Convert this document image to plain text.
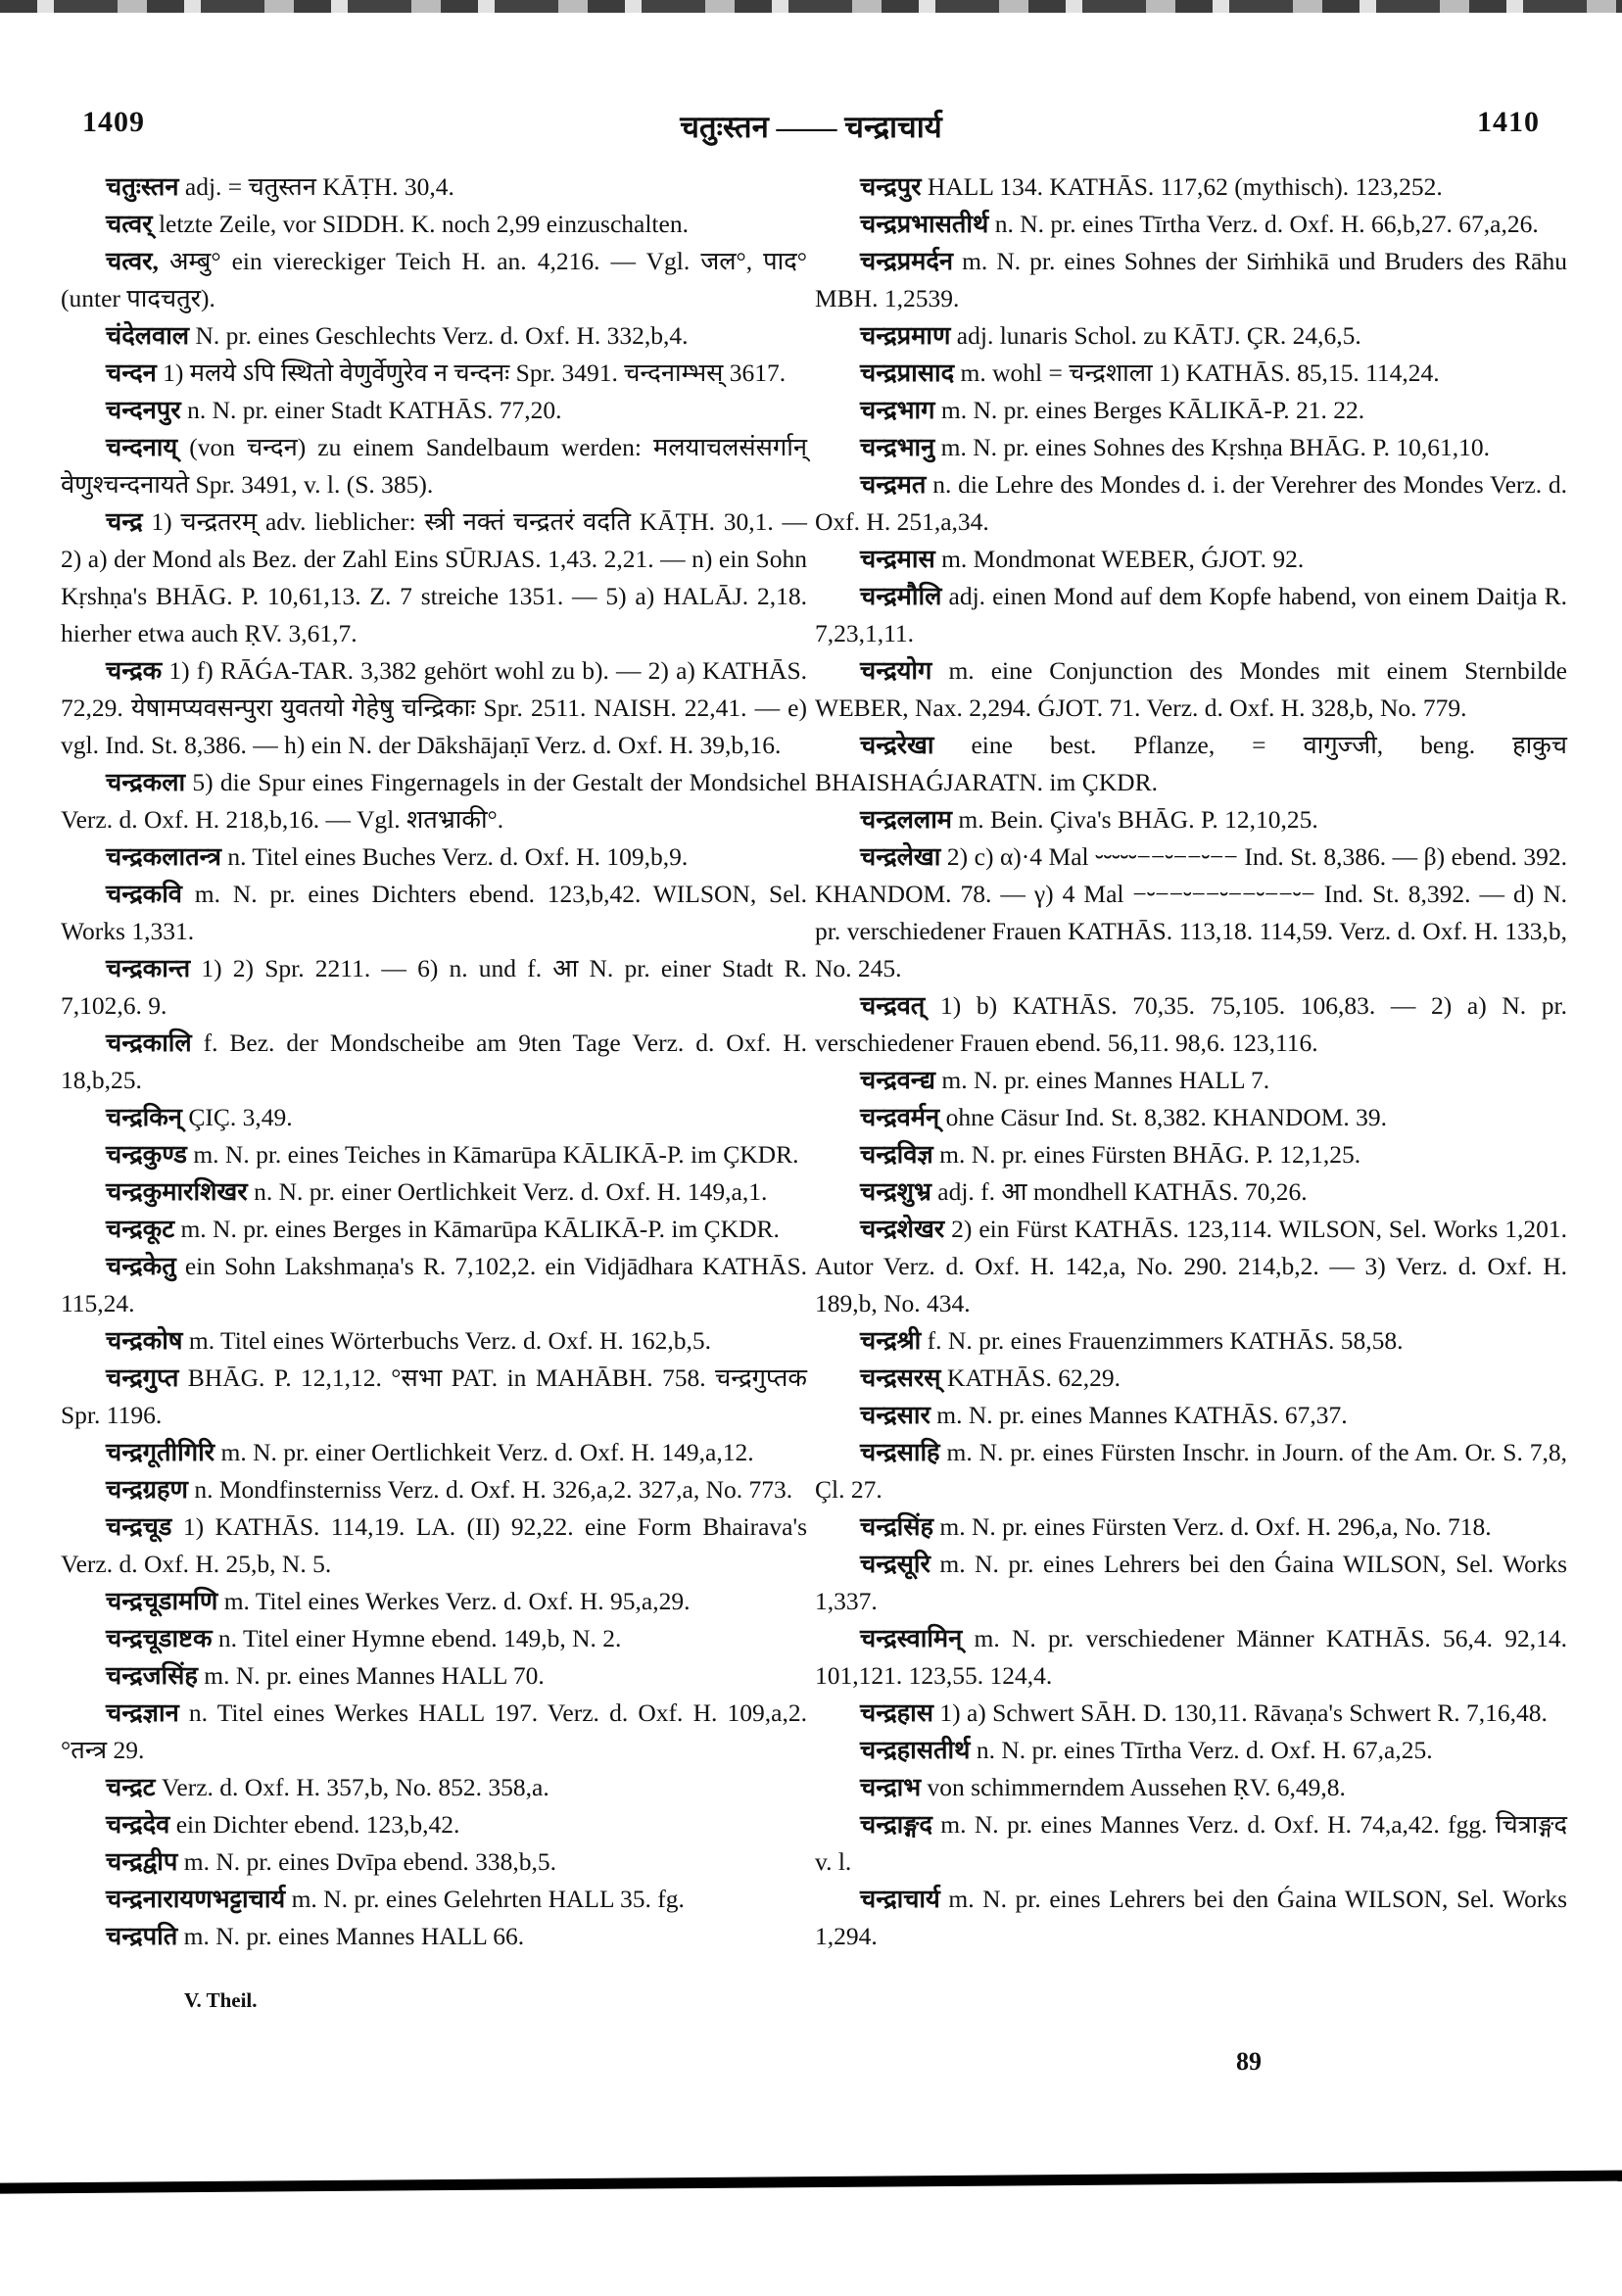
1409	चतुःस्तन —— चन्द्राचार्य	1410

चतुःस्तन adj. = चतुस्तन KĀṬH. 30,4.

चत्वर् letzte Zeile, vor SIDDH. K. noch 2,99 einzuschalten.

चत्वर, अम्बु° ein viereckiger Teich H. an. 4,216. — Vgl. जल°, पाद° (unter पादचतुर).

चंदेलवाल N. pr. eines Geschlechts Verz. d. Oxf. H. 332,b,4.

चन्दन 1) मलये ऽपि स्थितो वेणुर्वेणुरेव न चन्दनः Spr. 3491. चन्दनाम्भस् 3617.

चन्दनपुर n. N. pr. einer Stadt KATHĀS. 77,20.

चन्दनाय् (von चन्दन) zu einem Sandelbaum werden: मलयाचलसंसर्गान् वेणुश्चन्दनायते Spr. 3491, v. l. (S. 385).

चन्द्र 1) चन्द्रतरम् adv. lieblicher: स्त्री नक्तं चन्द्रतरं वदति KĀṬH. 30,1. — 2) a) der Mond als Bez. der Zahl Eins SŪRJAS. 1,43. 2,21. — n) ein Sohn Kṛshṇa's BHĀG. P. 10,61,13. Z. 7 streiche 1351. — 5) a) HALĀJ. 2,18. hierher etwa auch ṚV. 3,61,7.

चन्द्रक 1) f) RĀǴA-TAR. 3,382 gehört wohl zu b). — 2) a) KATHĀS. 72,29. येषामप्यवसन्पुरा युवतयो गेहेषु चन्द्रिकाः Spr. 2511. NAISH. 22,41. — e) vgl. Ind. St. 8,386. — h) ein N. der Dākshājaṇī Verz. d. Oxf. H. 39,b,16.

चन्द्रकला 5) die Spur eines Fingernagels in der Gestalt der Mondsichel Verz. d. Oxf. H. 218,b,16. — Vgl. शतभ्राकी°.

चन्द्रकलातन्त्र n. Titel eines Buches Verz. d. Oxf. H. 109,b,9.

चन्द्रकवि m. N. pr. eines Dichters ebend. 123,b,42. WILSON, Sel. Works 1,331.

चन्द्रकान्त 1) 2) Spr. 2211. — 6) n. und f. आ N. pr. einer Stadt R. 7,102,6. 9.

चन्द्रकालि f. Bez. der Mondscheibe am 9ten Tage Verz. d. Oxf. H. 18,b,25.

चन्द्रकिन् ÇIÇ. 3,49.

चन्द्रकुण्ड m. N. pr. eines Teiches in Kāmarūpa KĀLIKĀ-P. im ÇKDR.

चन्द्रकुमारशिखर n. N. pr. einer Oertlichkeit Verz. d. Oxf. H. 149,a,1.

चन्द्रकूट m. N. pr. eines Berges in Kāmarūpa KĀLIKĀ-P. im ÇKDR.

चन्द्रकेतु ein Sohn Lakshmaṇa's R. 7,102,2. ein Vidjādhara KATHĀS. 115,24.

चन्द्रकोष m. Titel eines Wörterbuchs Verz. d. Oxf. H. 162,b,5.

चन्द्रगुप्त BHĀG. P. 12,1,12. °सभा PAT. in MAHĀBH. 758. चन्द्रगुप्तक Spr. 1196.

चन्द्रगूतीगिरि m. N. pr. einer Oertlichkeit Verz. d. Oxf. H. 149,a,12.

चन्द्रग्रहण n. Mondfinsterniss Verz. d. Oxf. H. 326,a,2. 327,a, No. 773.

चन्द्रचूड 1) KATHĀS. 114,19. LA. (II) 92,22. eine Form Bhairava's Verz. d. Oxf. H. 25,b, N. 5.

चन्द्रचूडामणि m. Titel eines Werkes Verz. d. Oxf. H. 95,a,29.

चन्द्रचूडाष्टक n. Titel einer Hymne ebend. 149,b, N. 2.

चन्द्रजसिंह m. N. pr. eines Mannes HALL 70.

चन्द्रज्ञान n. Titel eines Werkes HALL 197. Verz. d. Oxf. H. 109,a,2. °तन्त्र 29.

चन्द्रट Verz. d. Oxf. H. 357,b, No. 852. 358,a.

चन्द्रदेव ein Dichter ebend. 123,b,42.

चन्द्रद्वीप m. N. pr. eines Dvīpa ebend. 338,b,5.

चन्द्रनारायणभट्टाचार्य m. N. pr. eines Gelehrten HALL 35. fg.

चन्द्रपति m. N. pr. eines Mannes HALL 66.

चन्द्रपुर HALL 134. KATHĀS. 117,62 (mythisch). 123,252.

चन्द्रप्रभासतीर्थ n. N. pr. eines Tīrtha Verz. d. Oxf. H. 66,b,27. 67,a,26.

चन्द्रप्रमर्दन m. N. pr. eines Sohnes der Siṁhikā und Bruders des Rāhu MBH. 1,2539.

चन्द्रप्रमाण adj. lunaris Schol. zu KĀTJ. ÇR. 24,6,5.

चन्द्रप्रासाद m. wohl = चन्द्रशाला 1) KATHĀS. 85,15. 114,24.

चन्द्रभाग m. N. pr. eines Berges KĀLIKĀ-P. 21. 22.

चन्द्रभानु m. N. pr. eines Sohnes des Kṛshṇa BHĀG. P. 10,61,10.

चन्द्रमत n. die Lehre des Mondes d. i. der Verehrer des Mondes Verz. d. Oxf. H. 251,a,34.

चन्द्रमास m. Mondmonat WEBER, ǴJOT. 92.

चन्द्रमौलि adj. einen Mond auf dem Kopfe habend, von einem Daitja R. 7,23,1,11.

चन्द्रयोग m. eine Conjunction des Mondes mit einem Sternbilde WEBER, Nax. 2,294. ǴJOT. 71. Verz. d. Oxf. H. 328,b, No. 779.

चन्द्ररेखा eine best. Pflanze, = वागुज्जी, beng. हाकुच BHAISHAǴJARATN. im ÇKDR.

चन्द्रललाम m. Bein. Çiva's BHĀG. P. 12,10,25.

चन्द्रलेखा 2) c) α)·4 Mal ⏑⏑⏑⏑⏑−−⏑−−⏑−− Ind. St. 8,386. — β) ebend. 392. KHANDOM. 78. — γ) 4 Mal −⏑−−⏑−−⏑−−⏑−−⏑− Ind. St. 8,392. — d) N. pr. verschiedener Frauen KATHĀS. 113,18. 114,59. Verz. d. Oxf. H. 133,b, No. 245.

चन्द्रवत् 1) b) KATHĀS. 70,35. 75,105. 106,83. — 2) a) N. pr. verschiedener Frauen ebend. 56,11. 98,6. 123,116.

चन्द्रवन्द्य m. N. pr. eines Mannes HALL 7.

चन्द्रवर्मन् ohne Cäsur Ind. St. 8,382. KHANDOM. 39.

चन्द्रविज्ञ m. N. pr. eines Fürsten BHĀG. P. 12,1,25.

चन्द्रशुभ्र adj. f. आ mondhell KATHĀS. 70,26.

चन्द्रशेखर 2) ein Fürst KATHĀS. 123,114. WILSON, Sel. Works 1,201. Autor Verz. d. Oxf. H. 142,a, No. 290. 214,b,2. — 3) Verz. d. Oxf. H. 189,b, No. 434.

चन्द्रश्री f. N. pr. eines Frauenzimmers KATHĀS. 58,58.

चन्द्रसरस् KATHĀS. 62,29.

चन्द्रसार m. N. pr. eines Mannes KATHĀS. 67,37.

चन्द्रसाहि m. N. pr. eines Fürsten Inschr. in Journ. of the Am. Or. S. 7,8, Çl. 27.

चन्द्रसिंह m. N. pr. eines Fürsten Verz. d. Oxf. H. 296,a, No. 718.

चन्द्रसूरि m. N. pr. eines Lehrers bei den Ǵaina WILSON, Sel. Works 1,337.

चन्द्रस्वामिन् m. N. pr. verschiedener Männer KATHĀS. 56,4. 92,14. 101,121. 123,55. 124,4.

चन्द्रहास 1) a) Schwert SĀH. D. 130,11. Rāvaṇa's Schwert R. 7,16,48.

चन्द्रहासतीर्थ n. N. pr. eines Tīrtha Verz. d. Oxf. H. 67,a,25.

चन्द्राभ von schimmerndem Aussehen ṚV. 6,49,8.

चन्द्राङ्गद m. N. pr. eines Mannes Verz. d. Oxf. H. 74,a,42. fgg. चित्राङ्गद v. l.

चन्द्राचार्य m. N. pr. eines Lehrers bei den Ǵaina WILSON, Sel. Works 1,294.

V. Theil.
89
